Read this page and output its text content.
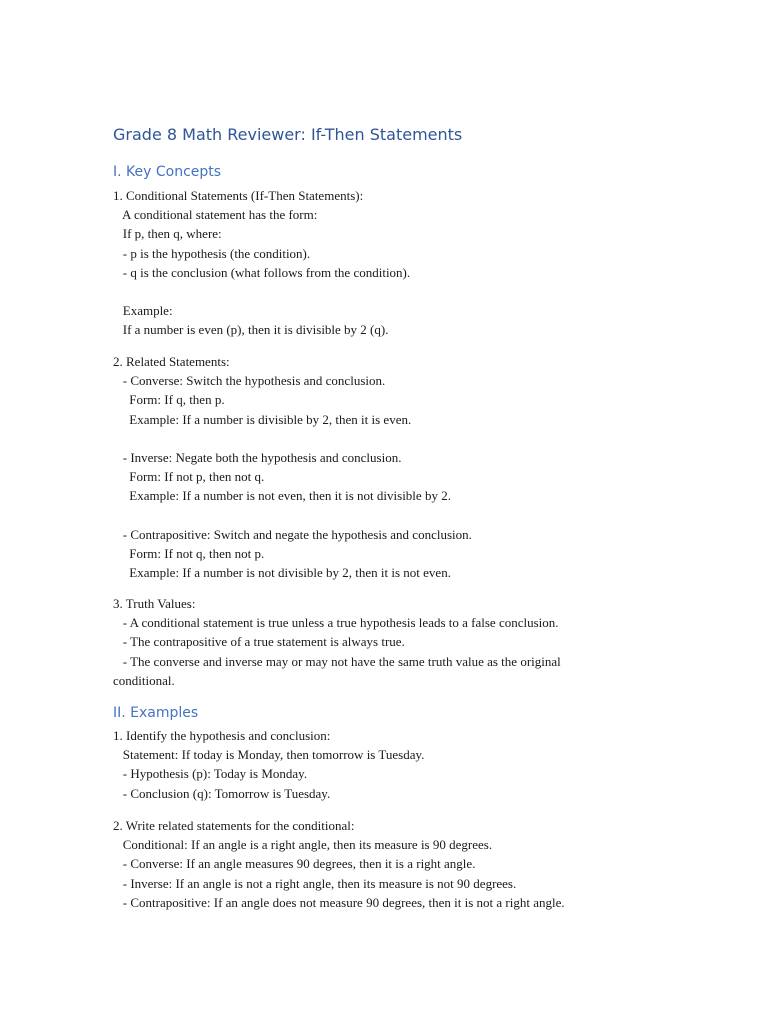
Grade 8 Math Reviewer: If-Then Statements
I. Key Concepts
1. Conditional Statements (If-Then Statements):
A conditional statement has the form:
If p, then q, where:
- p is the hypothesis (the condition).
- q is the conclusion (what follows from the condition).
Example:
If a number is even (p), then it is divisible by 2 (q).
2. Related Statements:
- Converse: Switch the hypothesis and conclusion.
Form: If q, then p.
Example: If a number is divisible by 2, then it is even.
- Inverse: Negate both the hypothesis and conclusion.
Form: If not p, then not q.
Example: If a number is not even, then it is not divisible by 2.
- Contrapositive: Switch and negate the hypothesis and conclusion.
Form: If not q, then not p.
Example: If a number is not divisible by 2, then it is not even.
3. Truth Values:
- A conditional statement is true unless a true hypothesis leads to a false conclusion.
- The contrapositive of a true statement is always true.
- The converse and inverse may or may not have the same truth value as the original
conditional.
II. Examples
1. Identify the hypothesis and conclusion:
Statement: If today is Monday, then tomorrow is Tuesday.
- Hypothesis (p): Today is Monday.
- Conclusion (q): Tomorrow is Tuesday.
2. Write related statements for the conditional:
Conditional: If an angle is a right angle, then its measure is 90 degrees.
- Converse: If an angle measures 90 degrees, then it is a right angle.
- Inverse: If an angle is not a right angle, then its measure is not 90 degrees.
- Contrapositive: If an angle does not measure 90 degrees, then it is not a right angle.
